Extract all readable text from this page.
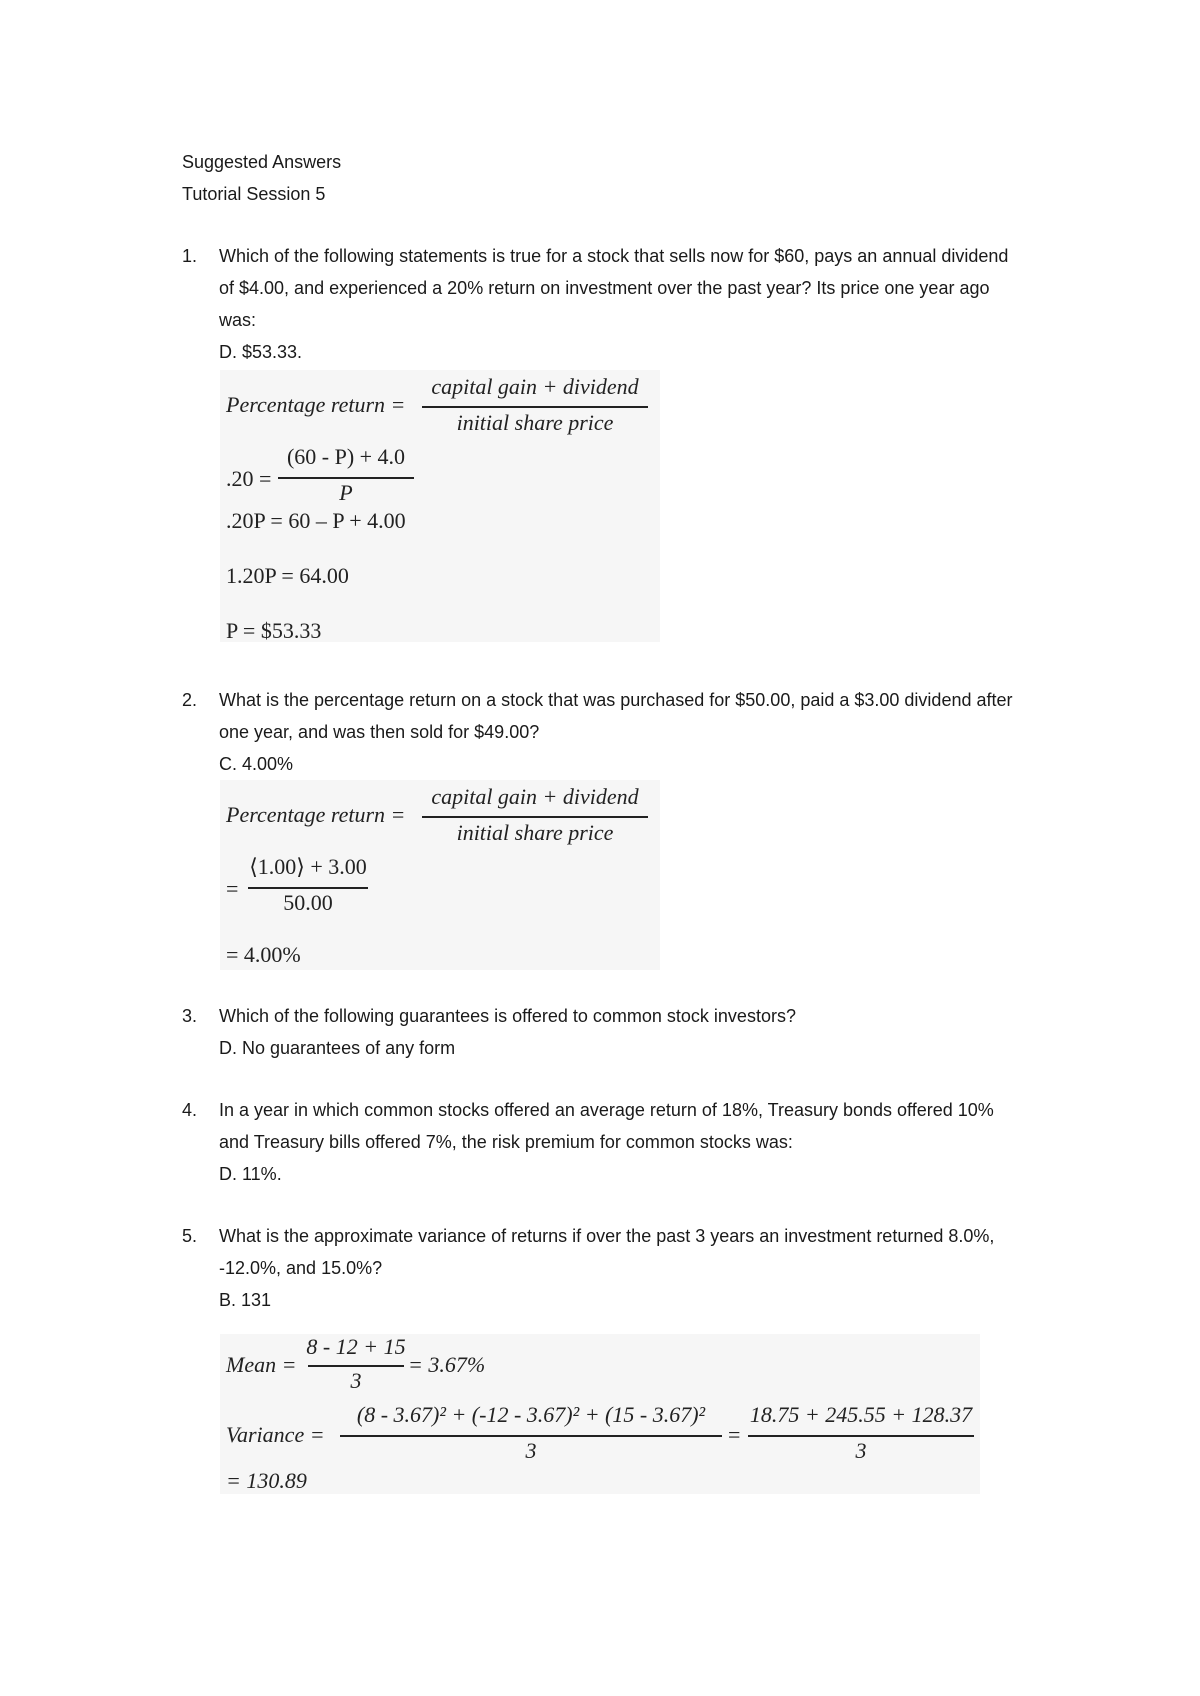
Suggested Answers
Tutorial Session 5
1. Which of the following statements is true for a stock that sells now for $60, pays an annual dividend of $4.00, and experienced a 20% return on investment over the past year? Its price one year ago was:
D. $53.33.
Percentage return =
capital gain + dividend
initial share price
.20 =
(60 - P) + 4.0
P
.20P = 60 – P + 4.00
1.20P = 64.00
P = $53.33
2. What is the percentage return on a stock that was purchased for $50.00, paid a $3.00 dividend after one year, and was then sold for $49.00?
C. 4.00%
Percentage return =
capital gain + dividend
initial share price
=
⟨1.00⟩ + 3.00
50.00
= 4.00%
3. Which of the following guarantees is offered to common stock investors?
D. No guarantees of any form
4. In a year in which common stocks offered an average return of 18%, Treasury bonds offered 10% and Treasury bills offered 7%, the risk premium for common stocks was:
D. 11%.
5. What is the approximate variance of returns if over the past 3 years an investment returned 8.0%, -12.0%, and 15.0%?
B. 131
Mean =
8 - 12 + 15
3
= 3.67%
Variance =
(8 - 3.67)² + (-12 - 3.67)² + (15 - 3.67)²
3
=
18.75 + 245.55 + 128.37
3
= 130.89
